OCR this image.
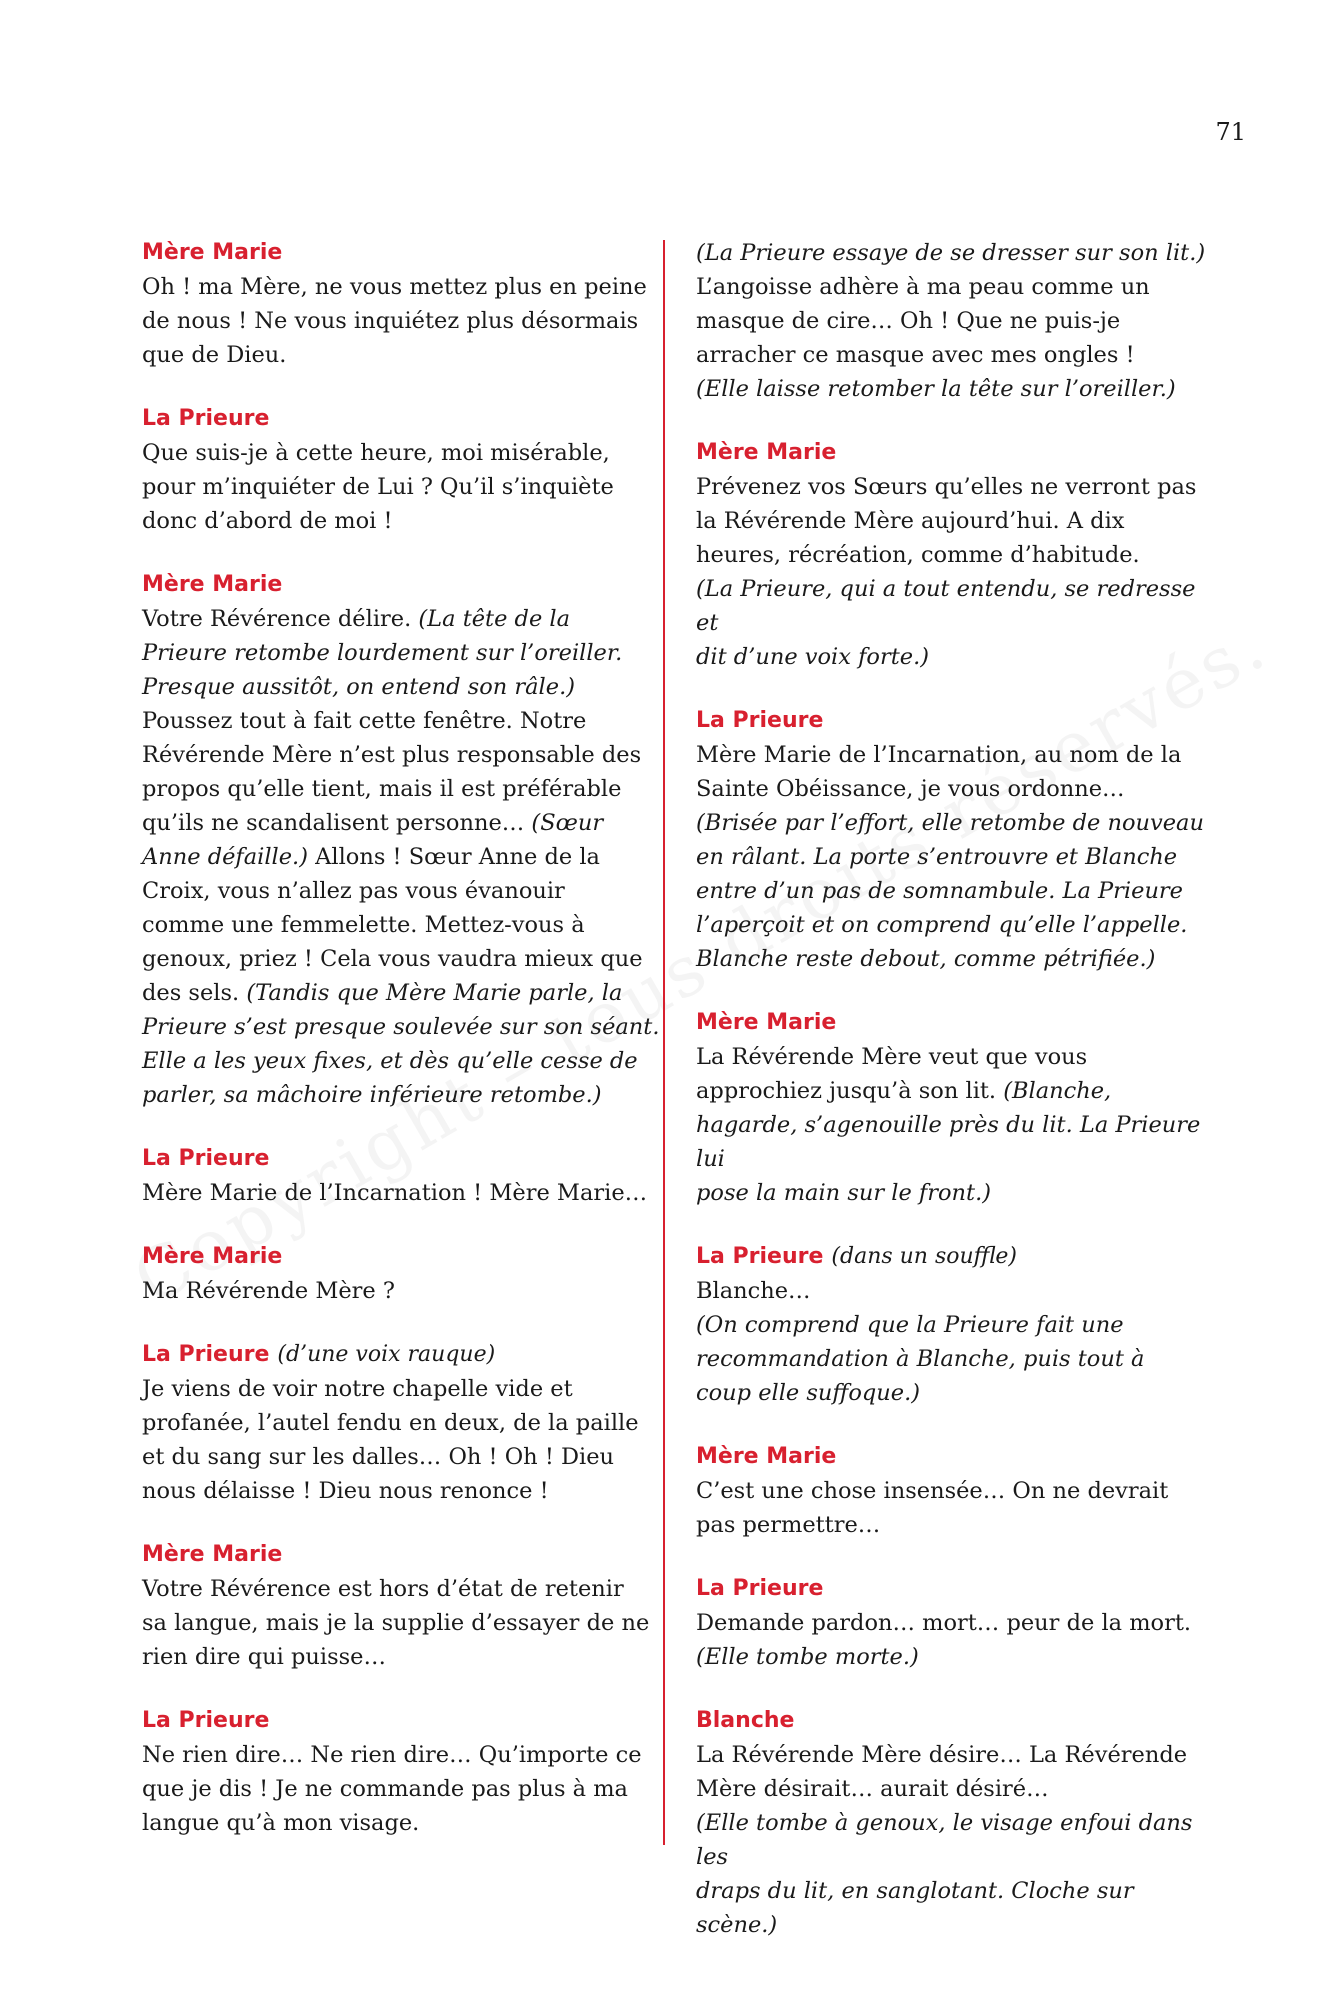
71
Mère Marie
Oh ! ma Mère, ne vous mettez plus en peine
de nous ! Ne vous inquiétez plus désormais
que de Dieu.
La Prieure
Que suis-je à cette heure, moi misérable,
pour m’inquiéter de Lui ? Qu’il s’inquiète
donc d’abord de moi !
Mère Marie
Votre Révérence délire. (La tête de la
Prieure retombe lourdement sur l’oreiller.
Presque aussitôt, on entend son râle.)
Poussez tout à fait cette fenêtre. Notre
Révérende Mère n’est plus responsable des
propos qu’elle tient, mais il est préférable
qu’ils ne scandalisent personne… (Sœur
Anne défaille.) Allons ! Sœur Anne de la
Croix, vous n’allez pas vous évanouir
comme une femmelette. Mettez-vous à
genoux, priez ! Cela vous vaudra mieux que
des sels. (Tandis que Mère Marie parle, la
Prieure s’est presque soulevée sur son séant.
Elle a les yeux fixes, et dès qu’elle cesse de
parler, sa mâchoire inférieure retombe.)
La Prieure
Mère Marie de l’Incarnation ! Mère Marie…
Mère Marie
Ma Révérende Mère ?
La Prieure (d’une voix rauque)
Je viens de voir notre chapelle vide et
profanée, l’autel fendu en deux, de la paille
et du sang sur les dalles… Oh ! Oh ! Dieu
nous délaisse ! Dieu nous renonce !
Mère Marie
Votre Révérence est hors d’état de retenir
sa langue, mais je la supplie d’essayer de ne
rien dire qui puisse…
La Prieure
Ne rien dire… Ne rien dire… Qu’importe ce
que je dis ! Je ne commande pas plus à ma
langue qu’à mon visage.
(La Prieure essaye de se dresser sur son lit.)
L’angoisse adhère à ma peau comme un
masque de cire… Oh ! Que ne puis-je
arracher ce masque avec mes ongles !
(Elle laisse retomber la tête sur l’oreiller.)
Mère Marie
Prévenez vos Sœurs qu’elles ne verront pas
la Révérende Mère aujourd’hui. A dix
heures, récréation, comme d’habitude.
(La Prieure, qui a tout entendu, se redresse et
dit d’une voix forte.)
La Prieure
Mère Marie de l’Incarnation, au nom de la
Sainte Obéissance, je vous ordonne…
(Brisée par l’effort, elle retombe de nouveau
en râlant. La porte s’entrouvre et Blanche
entre d’un pas de somnambule. La Prieure
l’aperçoit et on comprend qu’elle l’appelle.
Blanche reste debout, comme pétrifiée.)
Mère Marie
La Révérende Mère veut que vous
approchiez jusqu’à son lit. (Blanche,
hagarde, s’agenouille près du lit. La Prieure lui
pose la main sur le front.)
La Prieure (dans un souffle)
Blanche…
(On comprend que la Prieure fait une
recommandation à Blanche, puis tout à
coup elle suffoque.)
Mère Marie
C’est une chose insensée… On ne devrait
pas permettre…
La Prieure
Demande pardon… mort… peur de la mort.
(Elle tombe morte.)
Blanche
La Révérende Mère désire… La Révérende
Mère désirait… aurait désiré…
(Elle tombe à genoux, le visage enfoui dans les
draps du lit, en sanglotant. Cloche sur scène.)
